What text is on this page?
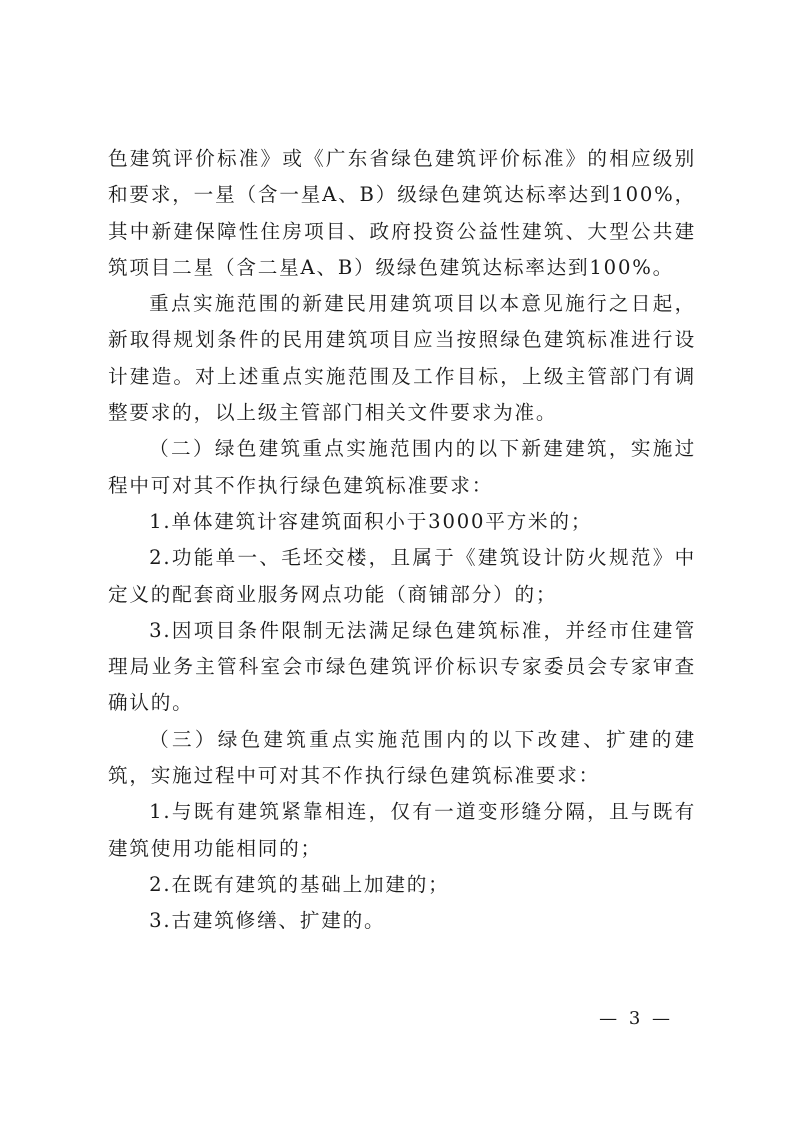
色建筑评价标准》或《广东省绿色建筑评价标准》的相应级别和要求，一星（含一星A、B）级绿色建筑达标率达到100%，其中新建保障性住房项目、政府投资公益性建筑、大型公共建筑项目二星（含二星A、B）级绿色建筑达标率达到100%。

重点实施范围的新建民用建筑项目以本意见施行之日起，新取得规划条件的民用建筑项目应当按照绿色建筑标准进行设计建造。对上述重点实施范围及工作目标，上级主管部门有调整要求的，以上级主管部门相关文件要求为准。

（二）绿色建筑重点实施范围内的以下新建建筑，实施过程中可对其不作执行绿色建筑标准要求：

1.单体建筑计容建筑面积小于3000平方米的；

2.功能单一、毛坯交楼，且属于《建筑设计防火规范》中定义的配套商业服务网点功能（商铺部分）的；

3.因项目条件限制无法满足绿色建筑标准，并经市住建管理局业务主管科室会市绿色建筑评价标识专家委员会专家审查确认的。

（三）绿色建筑重点实施范围内的以下改建、扩建的建筑，实施过程中可对其不作执行绿色建筑标准要求：

1.与既有建筑紧靠相连，仅有一道变形缝分隔，且与既有建筑使用功能相同的；

2.在既有建筑的基础上加建的；

3.古建筑修缮、扩建的。

— 3 —
